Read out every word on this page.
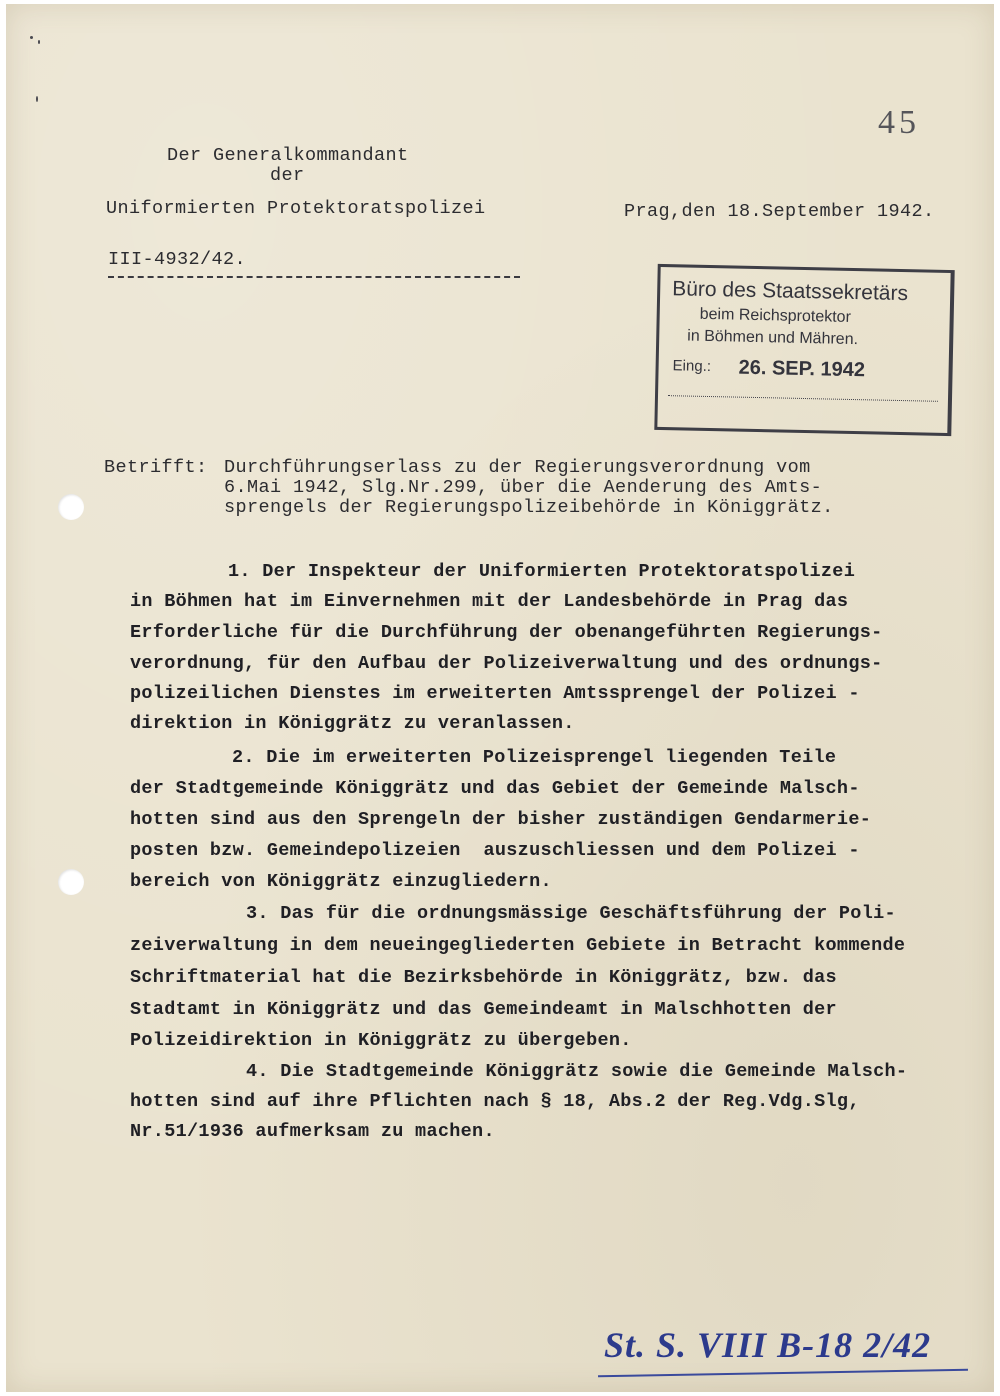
45
Der Generalkommandant
der
Uniformierten Protektoratspolizei	Prag,den 18.September 1942.
III-4932/42.
Büro des Staatssekretärs
beim Reichsprotektor
in Böhmen und Mähren.
Eing.: 26. SEP. 1942
Betrifft: Durchführungserlass zu der Regierungsverordnung vom
6.Mai 1942, Slg.Nr.299, über die Aenderung des Amts-
sprengels der Regierungspolizeibehörde in Königgrätz.
1. Der Inspekteur der Uniformierten Protektoratspolizei
in Böhmen hat im Einvernehmen mit der Landesbehörde in Prag das
Erforderliche für die Durchführung der obenangeführten Regierungs-
verordnung, für den Aufbau der Polizeiverwaltung und des ordnungs-
polizeilichen Dienstes im erweiterten Amtssprengel der Polizei -
direktion in Königgrätz zu veranlassen.
2. Die im erweiterten Polizeisprengel liegenden Teile
der Stadtgemeinde Königgrätz und das Gebiet der Gemeinde Malsch-
hotten sind aus den Sprengeln der bisher zuständigen Gendarmerie-
posten bzw. Gemeindepolizeien  auszuschliessen und dem Polizei -
bereich von Königgrätz einzugliedern.
3. Das für die ordnungsmässige Geschäftsführung der Poli-
zeiverwaltung in dem neueingegliederten Gebiete in Betracht kommende
Schriftmaterial hat die Bezirksbehörde in Königgrätz, bzw. das
Stadtamt in Königgrätz und das Gemeindeamt in Malschhotten der
Polizeidirektion in Königgrätz zu übergeben.
4. Die Stadtgemeinde Königgrätz sowie die Gemeinde Malsch-
hotten sind auf ihre Pflichten nach § 18, Abs.2 der Reg.Vdg.Slg,
Nr.51/1936 aufmerksam zu machen.
St. S. VIII B-18 2/42
